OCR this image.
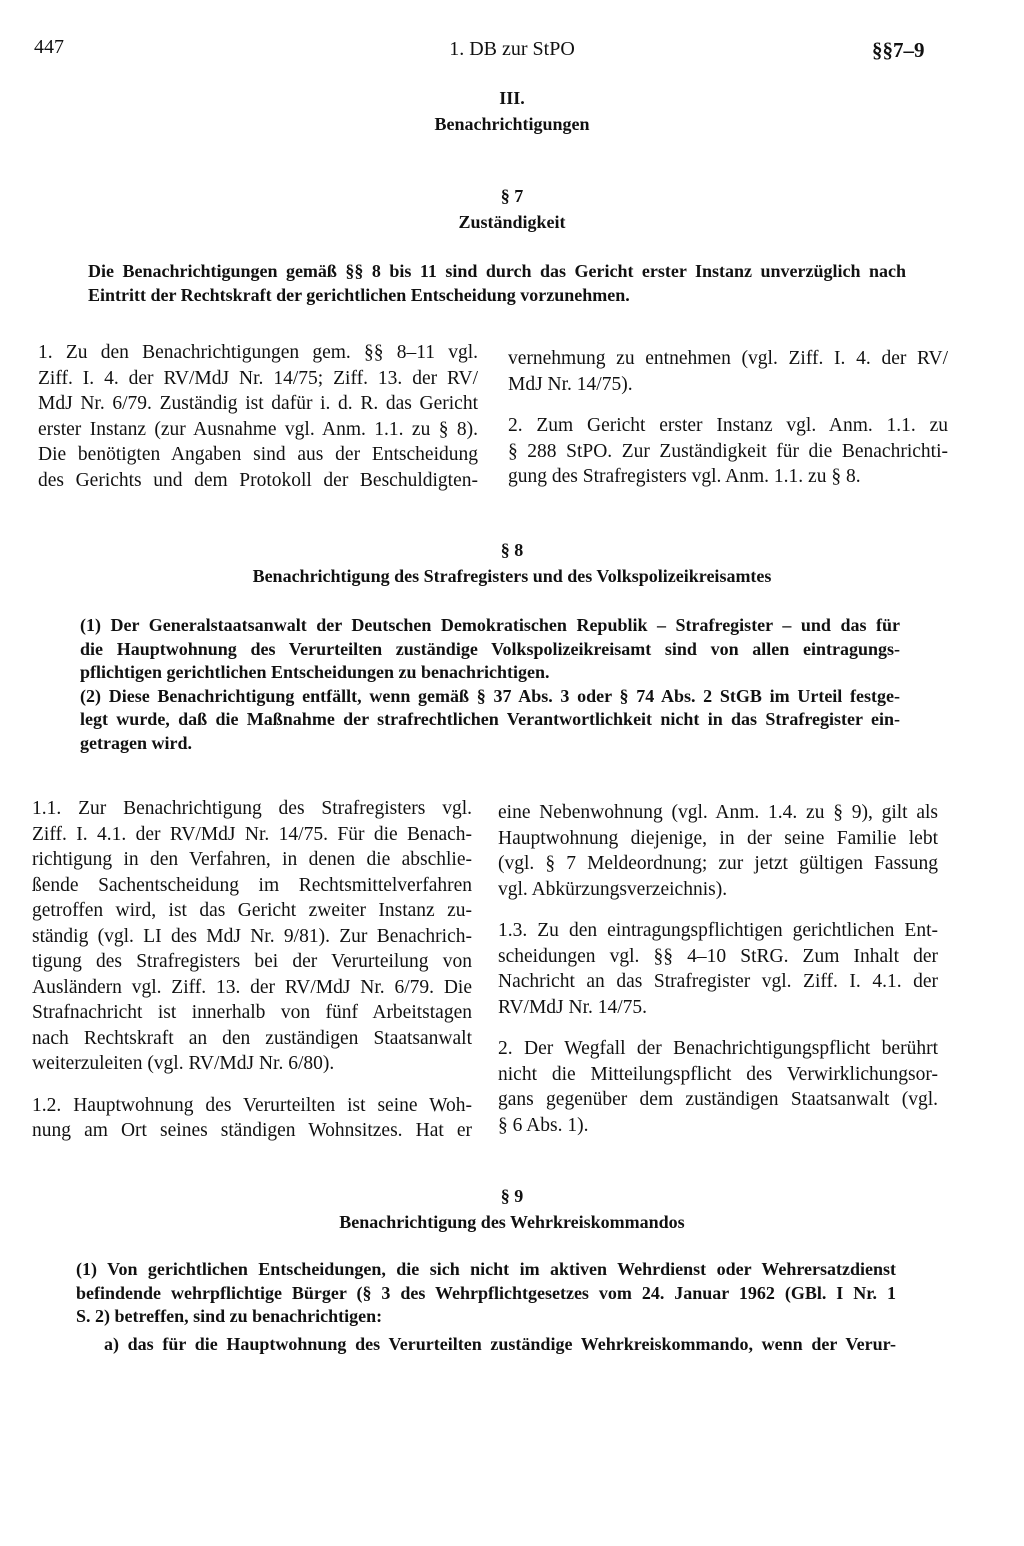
447	1. DB zur StPO	§§7–9
III.
Benachrichtigungen
§ 7
Zuständigkeit
Die Benachrichtigungen gemäß §§ 8 bis 11 sind durch das Gericht erster Instanz unverzüglich nach
Eintritt der Rechtskraft der gerichtlichen Entscheidung vorzunehmen.
1. Zu den Benachrichtigungen gem. §§ 8–11 vgl.
Ziff. I. 4. der RV/MdJ Nr. 14/75; Ziff. 13. der RV/
MdJ Nr. 6/79. Zuständig ist dafür i. d. R. das Gericht
erster Instanz (zur Ausnahme vgl. Anm. 1.1. zu § 8).
Die benötigten Angaben sind aus der Entscheidung
des Gerichts und dem Protokoll der Beschuldigten-
vernehmung zu entnehmen (vgl. Ziff. I. 4. der RV/
MdJ Nr. 14/75).
2. Zum Gericht erster Instanz vgl. Anm. 1.1. zu
§ 288 StPO. Zur Zuständigkeit für die Benachrichti-
gung des Strafregisters vgl. Anm. 1.1. zu § 8.
§ 8
Benachrichtigung des Strafregisters und des Volkspolizeikreisamtes
(1) Der Generalstaatsanwalt der Deutschen Demokratischen Republik – Strafregister – und das für
die Hauptwohnung des Verurteilten zuständige Volkspolizeikreisamt sind von allen eintragungs-
pflichtigen gerichtlichen Entscheidungen zu benachrichtigen.
(2) Diese Benachrichtigung entfällt, wenn gemäß § 37 Abs. 3 oder § 74 Abs. 2 StGB im Urteil festge-
legt wurde, daß die Maßnahme der strafrechtlichen Verantwortlichkeit nicht in das Strafregister ein-
getragen wird.
1.1. Zur Benachrichtigung des Strafregisters vgl.
Ziff. I. 4.1. der RV/MdJ Nr. 14/75. Für die Benach-
richtigung in den Verfahren, in denen die abschlie-
ßende Sachentscheidung im Rechtsmittelverfahren
getroffen wird, ist das Gericht zweiter Instanz zu-
ständig (vgl. LI des MdJ Nr. 9/81). Zur Benachrich-
tigung des Strafregisters bei der Verurteilung von
Ausländern vgl. Ziff. 13. der RV/MdJ Nr. 6/79. Die
Strafnachricht ist innerhalb von fünf Arbeitstagen
nach Rechtskraft an den zuständigen Staatsanwalt
weiterzuleiten (vgl. RV/MdJ Nr. 6/80).
1.2. Hauptwohnung des Verurteilten ist seine Woh-
nung am Ort seines ständigen Wohnsitzes. Hat er
eine Nebenwohnung (vgl. Anm. 1.4. zu § 9), gilt als
Hauptwohnung diejenige, in der seine Familie lebt
(vgl. § 7 Meldeordnung; zur jetzt gültigen Fassung
vgl. Abkürzungsverzeichnis).
1.3. Zu den eintragungspflichtigen gerichtlichen Ent-
scheidungen vgl. §§ 4–10 StRG. Zum Inhalt der
Nachricht an das Strafregister vgl. Ziff. I. 4.1. der
RV/MdJ Nr. 14/75.
2. Der Wegfall der Benachrichtigungspflicht berührt
nicht die Mitteilungspflicht des Verwirklichungsor-
gans gegenüber dem zuständigen Staatsanwalt (vgl.
§ 6 Abs. 1).
§ 9
Benachrichtigung des Wehrkreiskommandos
(1) Von gerichtlichen Entscheidungen, die sich nicht im aktiven Wehrdienst oder Wehrersatzdienst
befindende wehrpflichtige Bürger (§ 3 des Wehrpflichtgesetzes vom 24. Januar 1962 (GBl. I Nr. 1
S. 2) betreffen, sind zu benachrichtigen:
a) das für die Hauptwohnung des Verurteilten zuständige Wehrkreiskommando, wenn der Verur-
